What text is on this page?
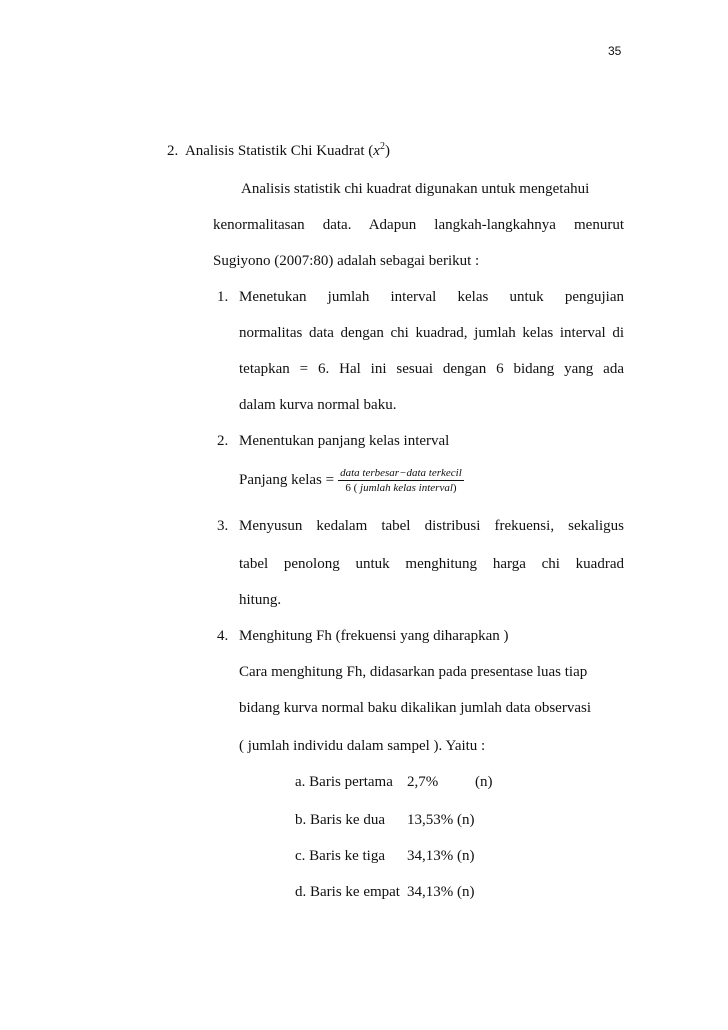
35
2. Analisis Statistik Chi Kuadrat $(x^2)$
Analisis statistik chi kuadrat digunakan untuk mengetahui
kenormalitasan data. Adapun langkah-langkahnya menurut
Sugiyono (2007:80) adalah sebagai berikut :
1. Menetukan jumlah interval kelas untuk pengujian
normalitas data dengan chi kuadrad, jumlah kelas interval di
tetapkan = 6. Hal ini sesuai dengan 6 bidang yang ada
dalam kurva normal baku.
2. Menentukan panjang kelas interval
Panjang kelas = $\frac{\text{data terbesar−data terkecil}}{\text{6 ( jumlah kelas interval)}}$
3. Menyusun kedalam tabel distribusi frekuensi, sekaligus
tabel penolong untuk menghitung harga chi kuadrad
hitung.
4. Menghitung Fh (frekuensi yang diharapkan )
Cara menghitung Fh, didasarkan pada presentase luas tiap
bidang kurva normal baku dikalikan jumlah data observasi
( jumlah individu dalam sampel ). Yaitu :
a. Baris pertama 2,7% (n)
b. Baris ke dua 13,53% (n)
c. Baris ke tiga 34,13% (n)
d. Baris ke empat 34,13% (n)
